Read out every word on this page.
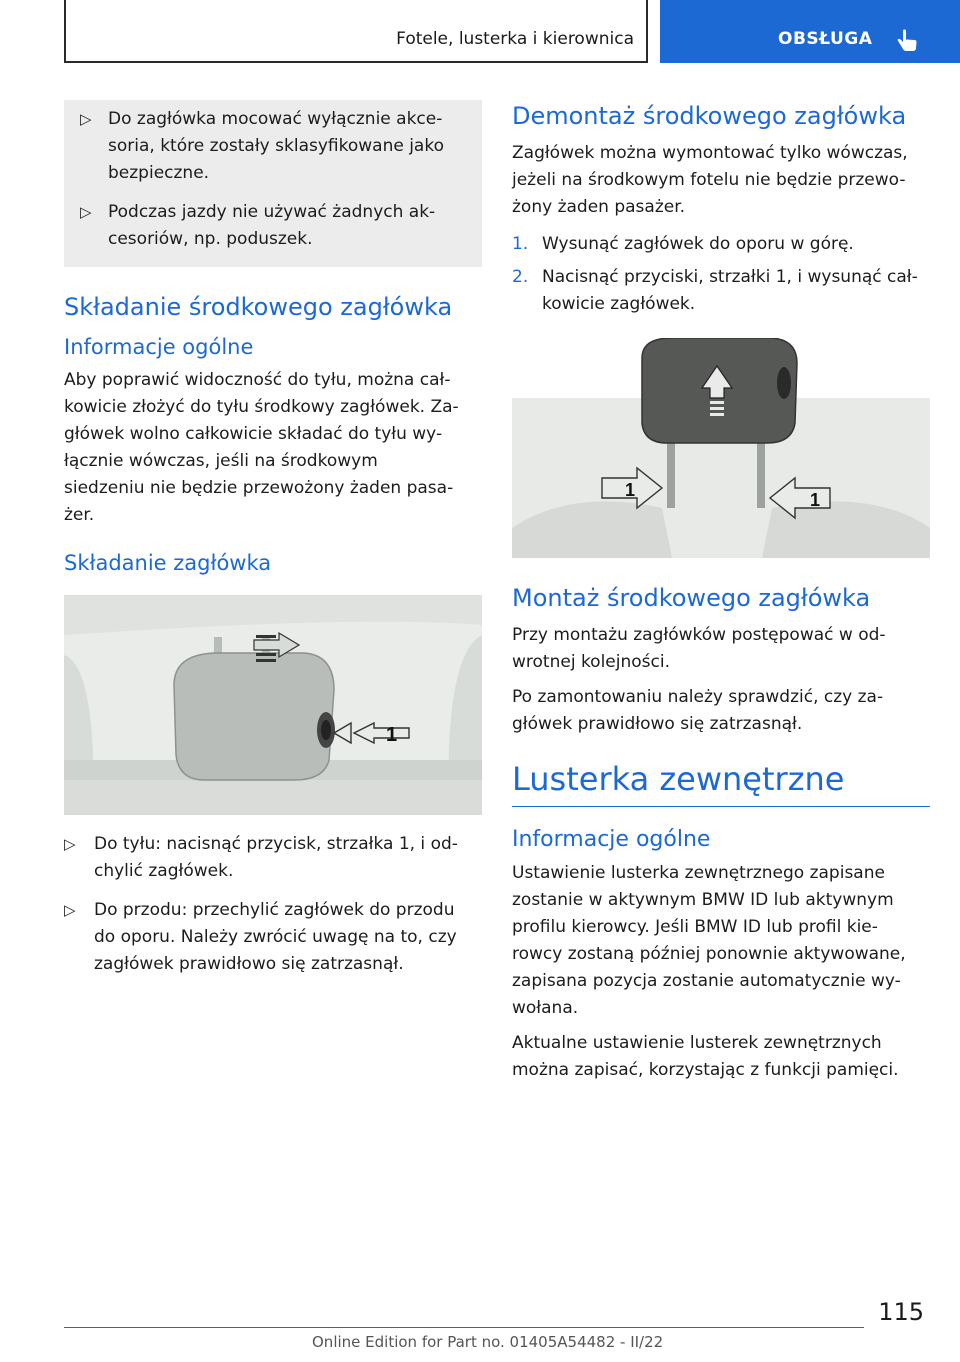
Fotele, lusterka i kierownica	OBSŁUGA
▷ Do zagłówka mocować wyłącznie akce-
soria, które zostały sklasyfikowane jako
bezpieczne.
▷ Podczas jazdy nie używać żadnych ak-
cesoriów, np. poduszek.
Składanie środkowego zagłówka
Informacje ogólne
Aby poprawić widoczność do tyłu, można cał-
kowicie złożyć do tyłu środkowy zagłówek. Za-
główek wolno całkowicie składać do tyłu wy-
łącznie wówczas, jeśli na środkowym
siedzeniu nie będzie przewożony żaden pasa-
żer.
Składanie zagłówka
1
▷ Do tyłu: nacisnąć przycisk, strzałka 1, i od-
chylić zagłówek.
▷ Do przodu: przechylić zagłówek do przodu
do oporu. Należy zwrócić uwagę na to, czy
zagłówek prawidłowo się zatrzasnął.
Demontaż środkowego zagłówka
Zagłówek można wymontować tylko wówczas,
jeżeli na środkowym fotelu nie będzie przewo-
żony żaden pasażer.
1. Wysunąć zagłówek do oporu w górę.
2. Nacisnąć przyciski, strzałki 1, i wysunąć cał-
kowicie zagłówek.
1	1
Montaż środkowego zagłówka
Przy montażu zagłówków postępować w od-
wrotnej kolejności.
Po zamontowaniu należy sprawdzić, czy za-
główek prawidłowo się zatrzasnął.
Lusterka zewnętrzne
Informacje ogólne
Ustawienie lusterka zewnętrznego zapisane
zostanie w aktywnym BMW ID lub aktywnym
profilu kierowcy. Jeśli BMW ID lub profil kie-
rowcy zostaną później ponownie aktywowane,
zapisana pozycja zostanie automatycznie wy-
wołana.
Aktualne ustawienie lusterek zewnętrznych
można zapisać, korzystając z funkcji pamięci.
115
Online Edition for Part no. 01405A54482 - II/22
